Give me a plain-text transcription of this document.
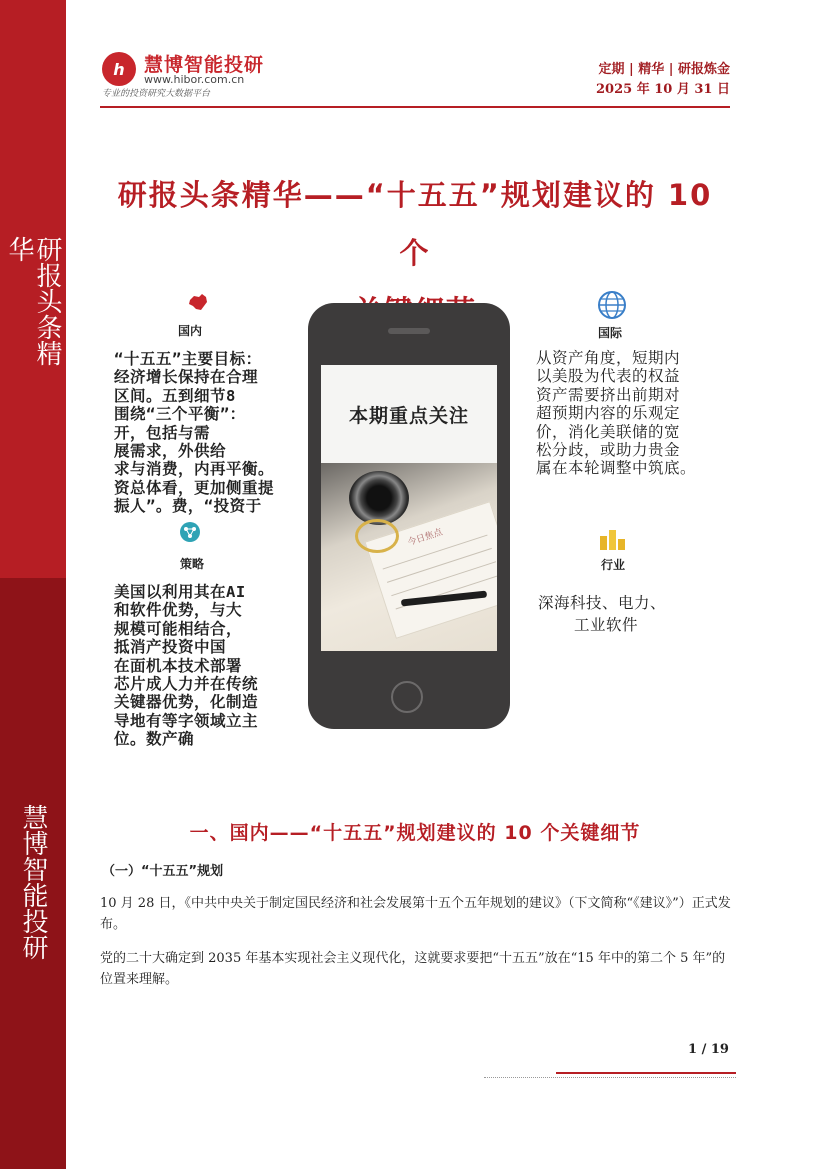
研报头条精华
慧博智能投研
h	慧博智能投研
www.hibor.com.cn
专业的投资研究大数据平台
定期 | 精华 | 研报炼金
2025 年 10 月 31 日
研报头条精华——“十五五”规划建议的 10 个
国内
“十五五”主要目标：
经济增长保持在合理
区间。五到细节8
围绕“三个平衡”：
开，包括与需
展需求，外供给
求与消费，内再平衡。
资总体看，更加侧重提
振人”。费，“投资于
策略
美国以利用其在AI
和软件优势，与大
规模可能相结合，
抵消产投资中国
在面机本技术部署
芯片成人力并在传统
关键器优势，化制造
导地有等字领域立主
位。数产确
本期重点关注
今日焦点
国际
从资产角度，短期内
以美股为代表的权益
资产需要挤出前期对
超预期内容的乐观定
价，消化美联储的宽
松分歧，或助力贵金
属在本轮调整中筑底。
行业
深海科技、电力、
工业软件
一、国内——“十五五”规划建议的 10 个关键细节
（一）“十五五”规划
10 月 28 日，《中共中央关于制定国民经济和社会发展第十五个五年规划的建议》（下文简称“《建议》”）正式发布。
党的二十大确定到 2035 年基本实现社会主义现代化，这就要求要把“十五五”放在“15 年中的第二个 5 年”的位置来理解。
1 / 19
